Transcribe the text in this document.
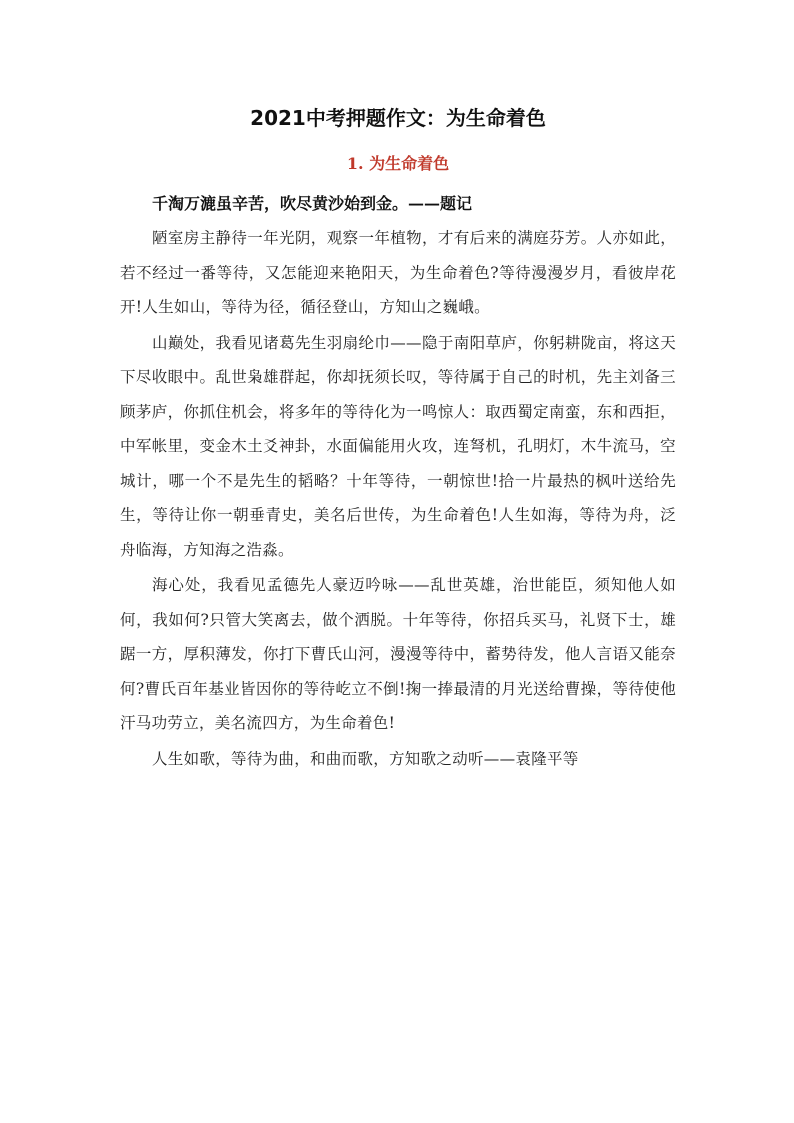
2021中考押题作文：为生命着色
1. 为生命着色

千淘万漉虽辛苦，吹尽黄沙始到金。——题记

陋室房主静待一年光阴，观察一年植物，才有后来的满庭芬芳。人亦如此，若不经过一番等待，又怎能迎来艳阳天，为生命着色?等待漫漫岁月，看彼岸花开!人生如山，等待为径，循径登山，方知山之巍峨。

山巅处，我看见诸葛先生羽扇纶巾——隐于南阳草庐，你躬耕陇亩，将这天下尽收眼中。乱世枭雄群起，你却抚须长叹，等待属于自己的时机，先主刘备三顾茅庐，你抓住机会，将多年的等待化为一鸣惊人：取西蜀定南蛮，东和西拒，中军帐里，变金木土爻神卦，水面偏能用火攻，连弩机，孔明灯，木牛流马，空城计，哪一个不是先生的韬略？十年等待，一朝惊世!拾一片最热的枫叶送给先生，等待让你一朝垂青史，美名后世传，为生命着色!人生如海，等待为舟，泛舟临海，方知海之浩淼。

海心处，我看见孟德先人豪迈吟咏——乱世英雄，治世能臣，须知他人如何，我如何?只管大笑离去，做个洒脱。十年等待，你招兵买马，礼贤下士，雄踞一方，厚积薄发，你打下曹氏山河，漫漫等待中，蓄势待发，他人言语又能奈何?曹氏百年基业皆因你的等待屹立不倒!掬一捧最清的月光送给曹操，等待使他汗马功劳立，美名流四方，为生命着色!

人生如歌，等待为曲，和曲而歌，方知歌之动听——袁隆平等
